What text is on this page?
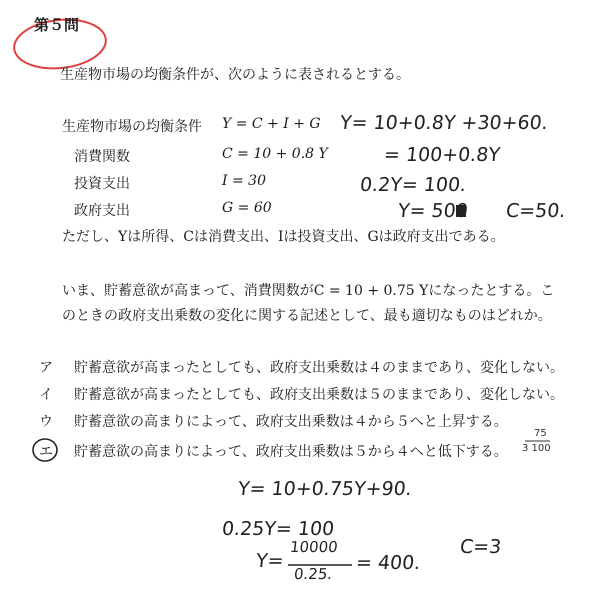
第５問
生産物市場の均衡条件が、次のように表されるとする。
生産物市場の均衡条件 Y = C + I + G
消費関数	C = 10 + 0.8 Y
投資支出	I = 30
政府支出	G = 60
ただし、Yは所得、Cは消費支出、Iは投資支出、Gは政府支出である。
いま、貯蓄意欲が高まって、消費関数がC = 10 + 0.75 Yになったとする。こ
のときの政府支出乗数の変化に関する記述として、最も適切なものはどれか。
ア 貯蓄意欲が高まったとしても、政府支出乗数は４のままであり、変化しない。
イ 貯蓄意欲が高まったとしても、政府支出乗数は５のままであり、変化しない。
ウ 貯蓄意欲の高まりによって、政府支出乗数は４から５へと上昇する。
エ 貯蓄意欲の高まりによって、政府支出乗数は５から４へと低下する。
Y= 10+0.8Y +30+60.
= 100+0.8Y
0.2Y= 100.
Y= 500 C=50.
75
3 100
Y= 10+0.75Y+90.
0.25Y= 100
Y=
10000
0.25. = 400.
C=3
